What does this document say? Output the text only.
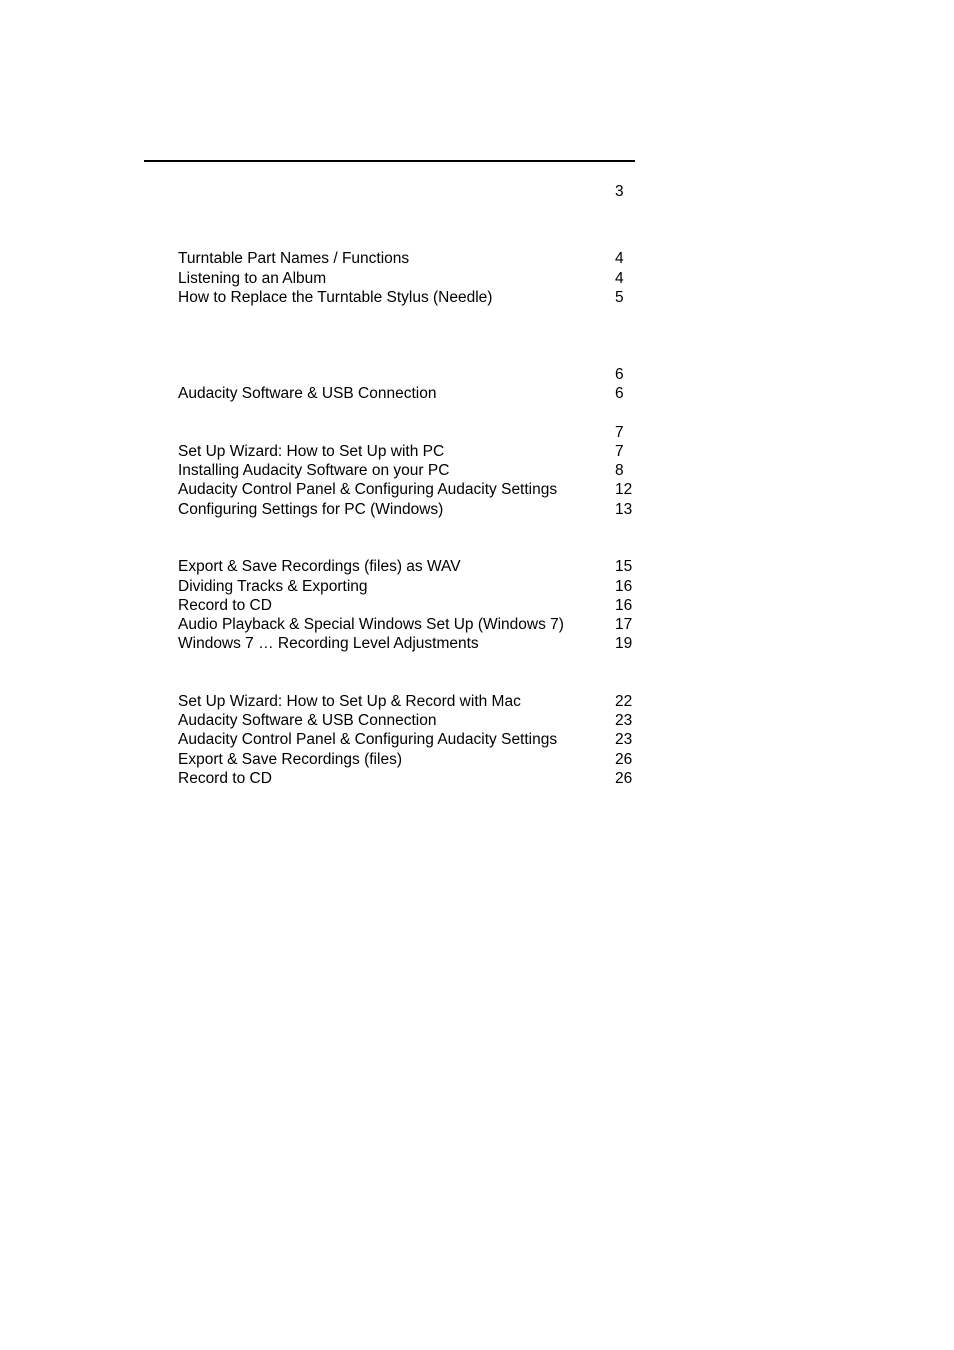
3
Turntable Part Names / Functions	4
Listening to an Album	4
How to Replace the Turntable Stylus (Needle)	5
6
Audacity Software & USB Connection	6
7
Set Up Wizard: How to Set Up with PC	7
Installing Audacity Software on your PC	8
Audacity Control Panel & Configuring Audacity Settings	12
Configuring Settings for PC (Windows)	13
Export & Save Recordings (files) as WAV	15
Dividing Tracks & Exporting	16
Record to CD	16
Audio Playback & Special Windows Set Up (Windows 7)	17
Windows 7 … Recording Level Adjustments	19
Set Up Wizard: How to Set Up & Record with Mac	22
Audacity Software & USB Connection	23
Audacity Control Panel & Configuring Audacity Settings	23
Export & Save Recordings (files)	26
Record to CD	26
